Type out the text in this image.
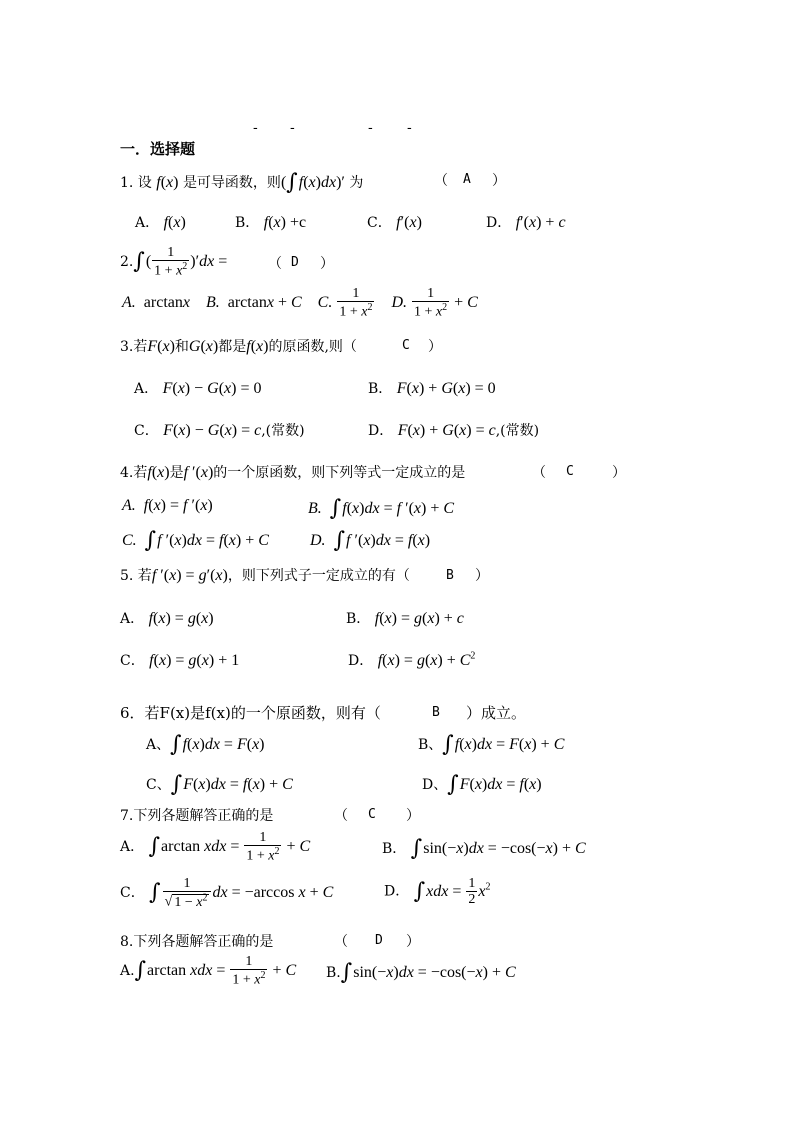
- -	- -
一．选择题
1. 设 f(x) 是可导函数，则(∫f(x)dx)′ 为	（ A ）
A． f(x)	B． f(x) +c	C． f′(x)	D． f′(x) + c
$2.\int( \frac{1}{1 + x^2} )'dx$ =	（ D ）
A.  arctanx B.  arctanx + C C. $\frac{1}{1 + x^2} D$. $\frac{1}{1 + x^2} + C$
3.若F(x)和G(x)都是f(x)的原函数,则（	C ）
A． F(x) − G(x) = 0	B． F(x) + G(x) = 0
C． F(x) − G(x) = c,(常数)	D． F(x) + G(x) = c,(常数)
4.若f(x)是f ′(x)的一个原函数，则下列等式一定成立的是	（ C	）
A. f(x) = f ′(x)	B. ∫f(x)dx = f ′(x) + C
C. ∫f ′(x)dx = f(x) + C	D. ∫f ′(x)dx = f(x)
5. 若f ′(x) = g′(x)，则下列式子一定成立的有（	B ）
A． f(x) = g(x)	B． f(x) = g(x) + c
C． f(x) = g(x) + 1	D． $f(x) = g(x) + C^2$
6．若F(x)是f(x)的一个原函数，则有（	B ）成立。
A、∫f(x)dx = F(x)	B、∫f(x)dx = F(x) + C
C、∫F(x)dx = f(x) + C	D、∫F(x)dx = f(x)
7.下列各题解答正确的是	（ C ）
A． ∫arctan xdx = $\frac{1}{1 + x^2} + C$	B． ∫sin(−x)dx = −cos(−x) + C
C． ∫ $\frac{1}{√ 1 - x^2}$ dx = −arccos x + C	D． $\int xdx = \frac{1}{2} x^2$
8.下列各题解答正确的是	（ D ）
A.∫arctan xdx = $\frac{1}{1 + x^2} + C$ B.∫sin(−x)dx = −cos(−x) + C
